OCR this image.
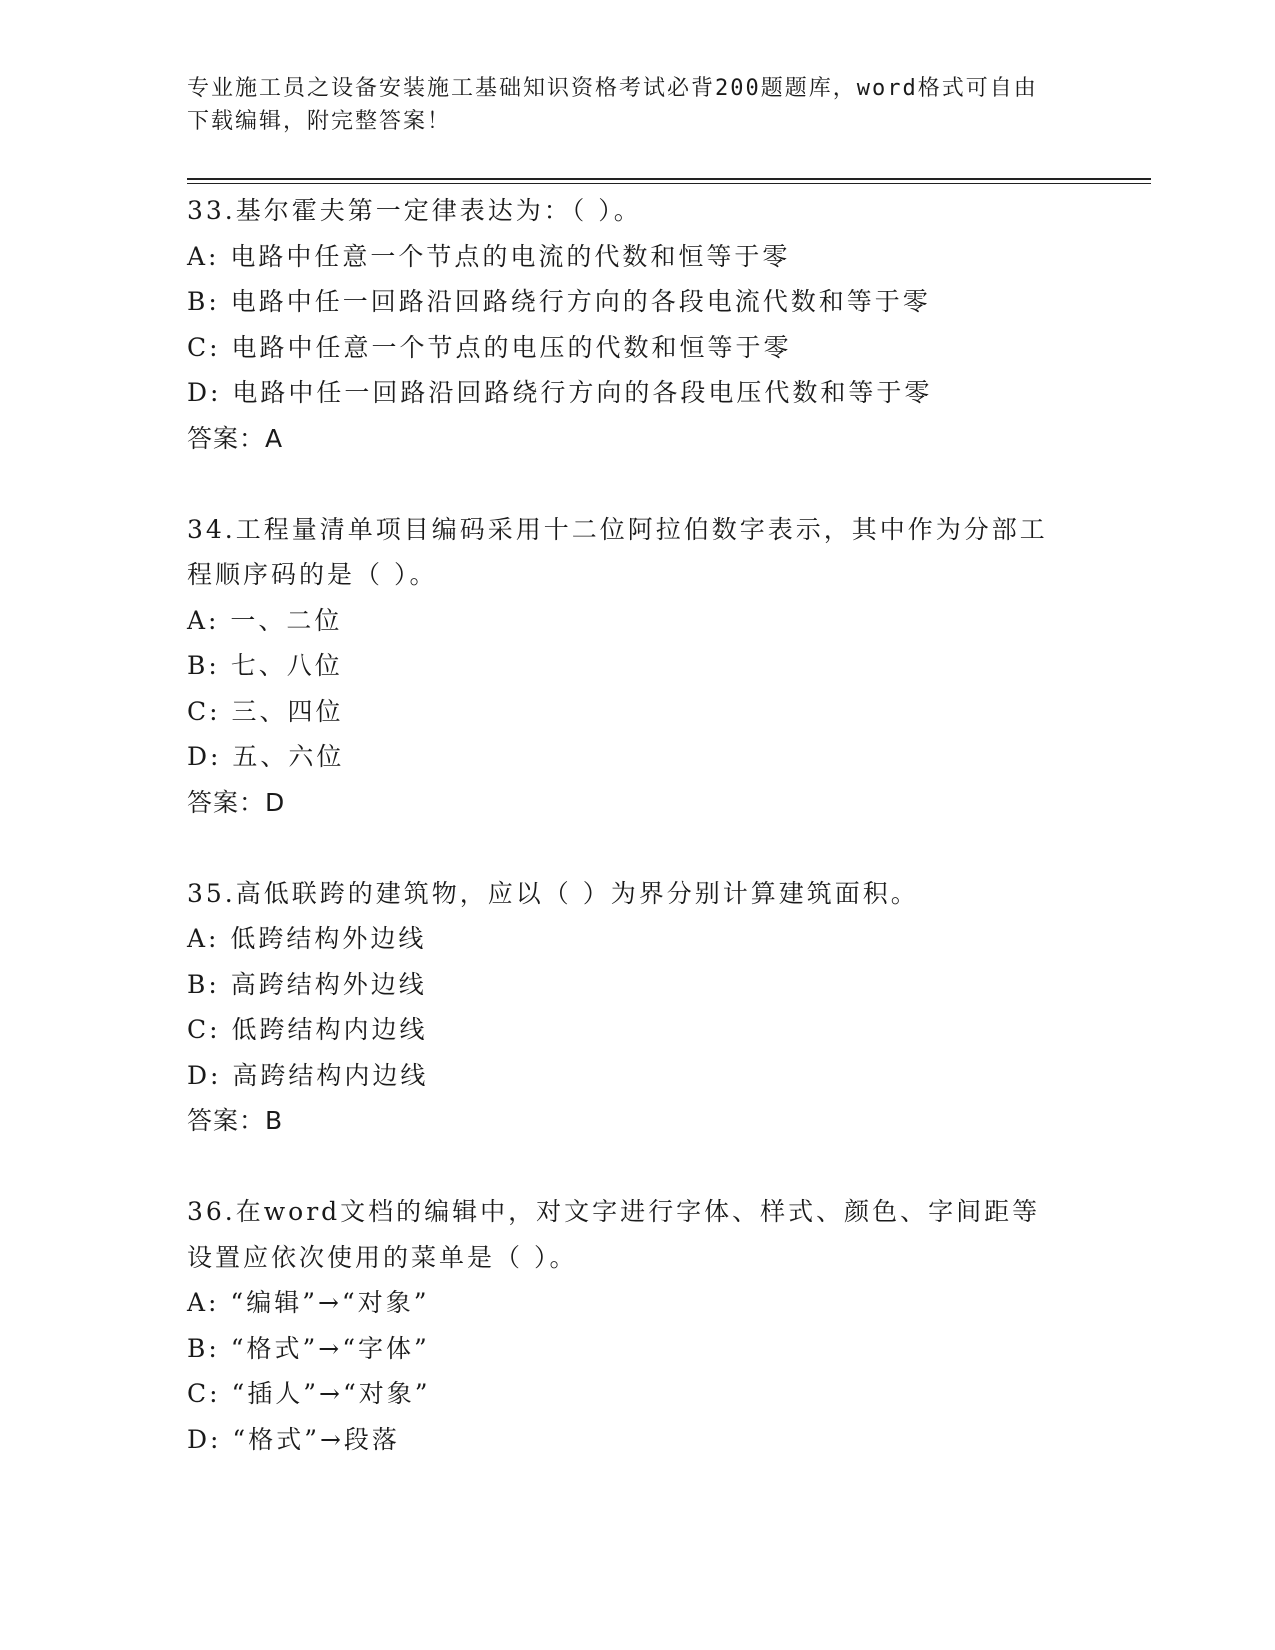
专业施工员之设备安装施工基础知识资格考试必背200题题库，word格式可自由
下载编辑，附完整答案！
33.基尔霍夫第一定律表达为：（ ）。
A: 电路中任意一个节点的电流的代数和恒等于零
B: 电路中任一回路沿回路绕行方向的各段电流代数和等于零
C: 电路中任意一个节点的电压的代数和恒等于零
D: 电路中任一回路沿回路绕行方向的各段电压代数和等于零
答案：A
34.工程量清单项目编码采用十二位阿拉伯数字表示，其中作为分部工
程顺序码的是（ ）。
A: 一、二位
B: 七、八位
C: 三、四位
D: 五、六位
答案：D
35.高低联跨的建筑物，应以（ ）为界分别计算建筑面积。
A: 低跨结构外边线
B: 高跨结构外边线
C: 低跨结构内边线
D: 高跨结构内边线
答案：B
36.在word文档的编辑中，对文字进行字体、样式、颜色、字间距等
设置应依次使用的菜单是（ ）。
A: “编辑”→“对象”
B: “格式”→“字体”
C: “插人”→“对象”
D: “格式”→段落
